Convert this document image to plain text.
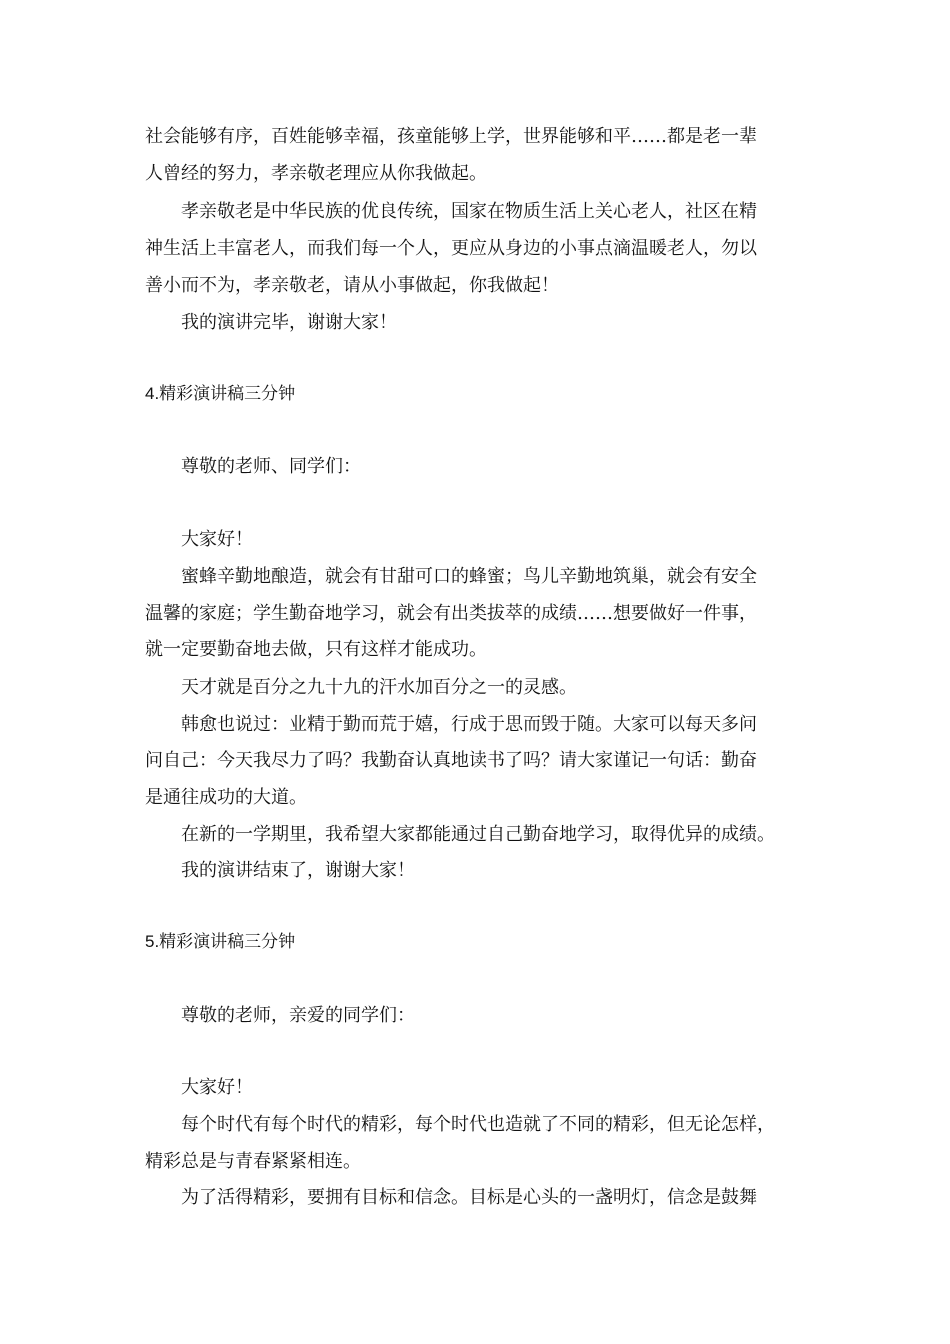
社会能够有序，百姓能够幸福，孩童能够上学，世界能够和平……都是老一辈
人曾经的努力，孝亲敬老理应从你我做起。
孝亲敬老是中华民族的优良传统，国家在物质生活上关心老人，社区在精
神生活上丰富老人，而我们每一个人，更应从身边的小事点滴温暖老人，勿以
善小而不为，孝亲敬老，请从小事做起，你我做起！
我的演讲完毕，谢谢大家！
4.精彩演讲稿三分钟
尊敬的老师、同学们：
大家好！
蜜蜂辛勤地酿造，就会有甘甜可口的蜂蜜；鸟儿辛勤地筑巢，就会有安全
温馨的家庭；学生勤奋地学习，就会有出类拔萃的成绩……想要做好一件事，
就一定要勤奋地去做，只有这样才能成功。
天才就是百分之九十九的汗水加百分之一的灵感。
韩愈也说过：业精于勤而荒于嬉，行成于思而毁于随。大家可以每天多问
问自己：今天我尽力了吗？我勤奋认真地读书了吗？请大家谨记一句话：勤奋
是通往成功的大道。
在新的一学期里，我希望大家都能通过自己勤奋地学习，取得优异的成绩。
我的演讲结束了，谢谢大家！
5.精彩演讲稿三分钟
尊敬的老师，亲爱的同学们：
大家好！
每个时代有每个时代的精彩，每个时代也造就了不同的精彩，但无论怎样，
精彩总是与青春紧紧相连。
为了活得精彩，要拥有目标和信念。目标是心头的一盏明灯，信念是鼓舞
